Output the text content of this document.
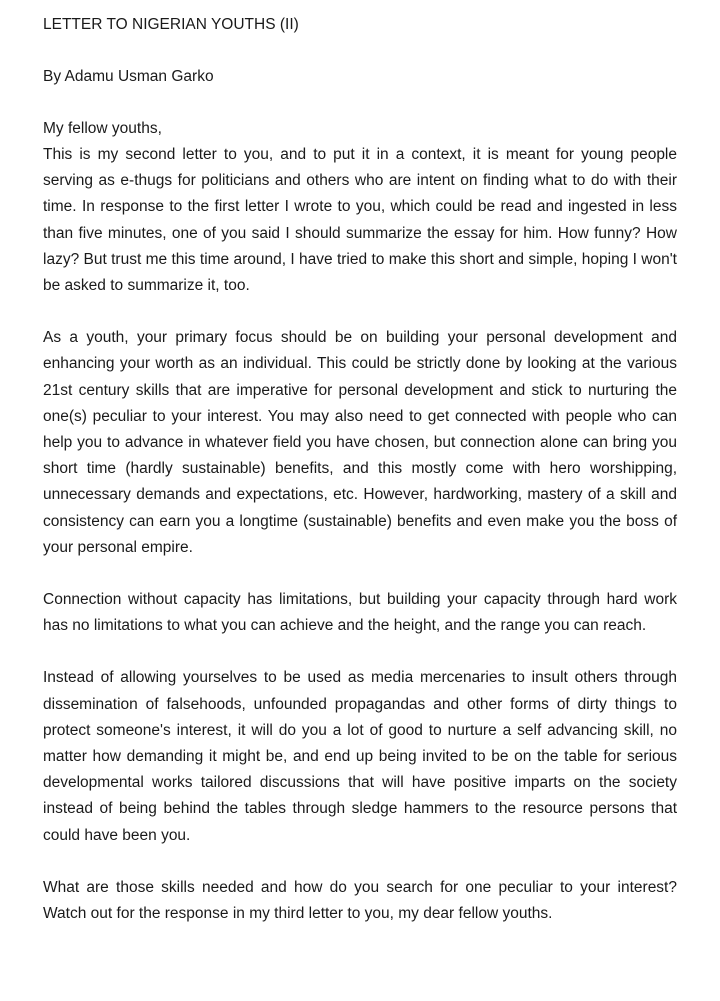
LETTER TO NIGERIAN YOUTHS (II)

By Adamu Usman Garko

My fellow youths,

This is my second letter to you, and to put it in a context, it is meant for young people serving as e-thugs for politicians and others who are intent on finding what to do with their time. In response to the first letter I wrote to you, which could be read and ingested in less than five minutes, one of you said I should summarize the essay for him. How funny? How lazy? But trust me this time around, I have tried to make this short and simple, hoping I won't be asked to summarize it, too.

As a youth, your primary focus should be on building your personal development and enhancing your worth as an individual. This could be strictly done by looking at the various 21st century skills that are imperative for personal development and stick to nurturing the one(s) peculiar to your interest. You may also need to get connected with people who can help you to advance in whatever field you have chosen, but connection alone can bring you short time (hardly sustainable) benefits, and this mostly come with hero worshipping, unnecessary demands and expectations, etc. However, hardworking, mastery of a skill and consistency can earn you a longtime (sustainable) benefits and even make you the boss of your personal empire.

Connection without capacity has limitations, but building your capacity through hard work has no limitations to what you can achieve and the height, and the range you can reach.

Instead of allowing yourselves to be used as media mercenaries to insult others through dissemination of falsehoods, unfounded propagandas and other forms of dirty things to protect someone's interest, it will do you a lot of good to nurture a self advancing skill, no matter how demanding it might be, and end up being invited to be on the table for serious developmental works tailored discussions that will have positive imparts on the society instead of being behind the tables through sledge hammers to the resource persons that could have been you.

What are those skills needed and how do you search for one peculiar to your interest? Watch out for the response in my third letter to you, my dear fellow youths.
